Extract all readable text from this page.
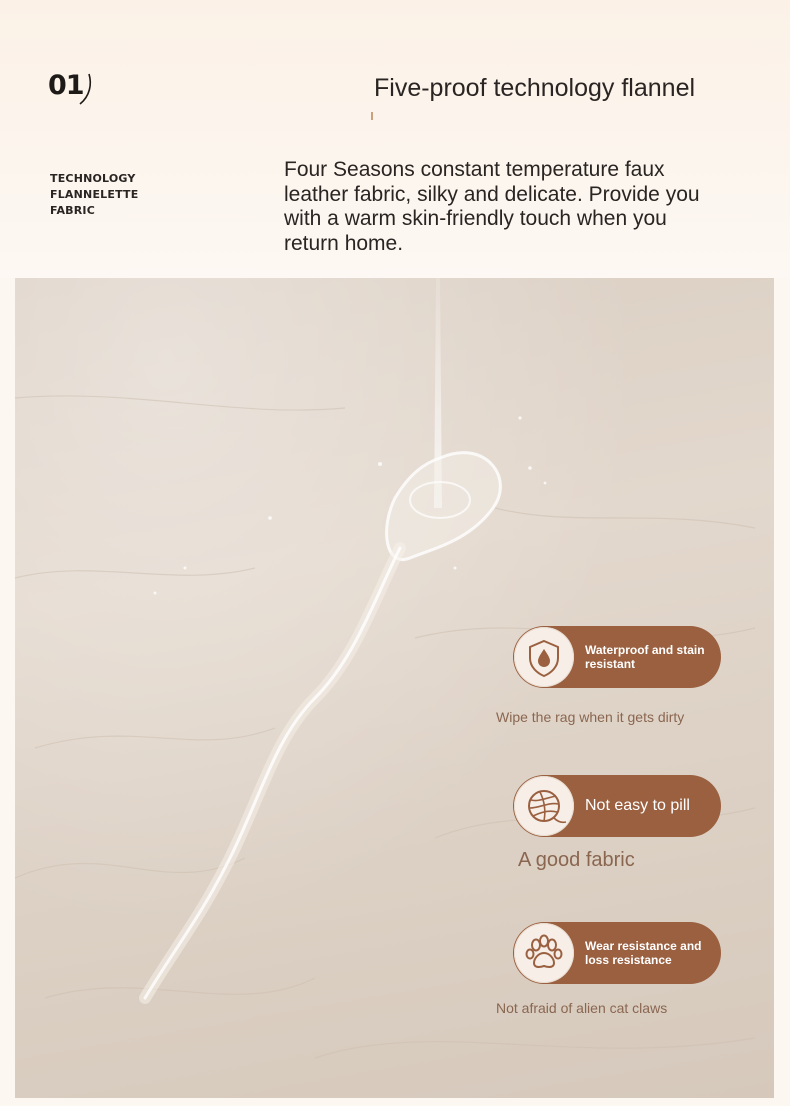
01	Five-proof technology flannel
TECHNOLOGY
FLANNELETTE
FABRIC
Four Seasons constant temperature faux leather fabric, silky and delicate. Provide you with a warm skin-friendly touch when you return home.
Waterproof and stain
resistant
Wipe the rag when it gets dirty
Not easy to pill
A good fabric
Wear resistance and
loss resistance
Not afraid of alien cat claws
